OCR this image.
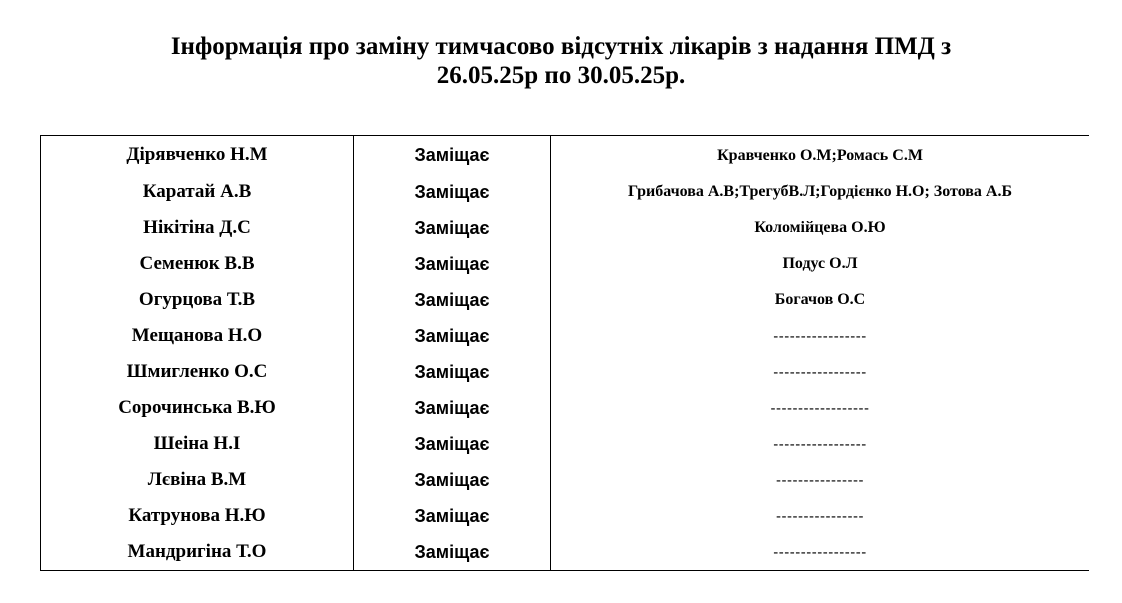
Інформація про заміну тимчасово відсутніх лікарів з надання ПМД з
26.05.25р по 30.05.25р.
Дірявченко Н.М	Заміщає	Кравченко О.М;Ромась С.М
Каратай А.В	Заміщає	Грибачова А.В;ТрегубВ.Л;Гордієнко Н.О; Зотова А.Б
Нікітіна Д.С	Заміщає	Коломійцева О.Ю
Семенюк В.В	Заміщає	Подус О.Л
Огурцова Т.В	Заміщає	Богачов О.С
Мещанова Н.О	Заміщає	-----------------
Шмигленко О.С	Заміщає	-----------------
Сорочинська В.Ю	Заміщає	------------------
Шеіна Н.І	Заміщає	-----------------
Лєвіна В.М	Заміщає	----------------
Катрунова Н.Ю	Заміщає	----------------
Мандригіна Т.О	Заміщає	-----------------
